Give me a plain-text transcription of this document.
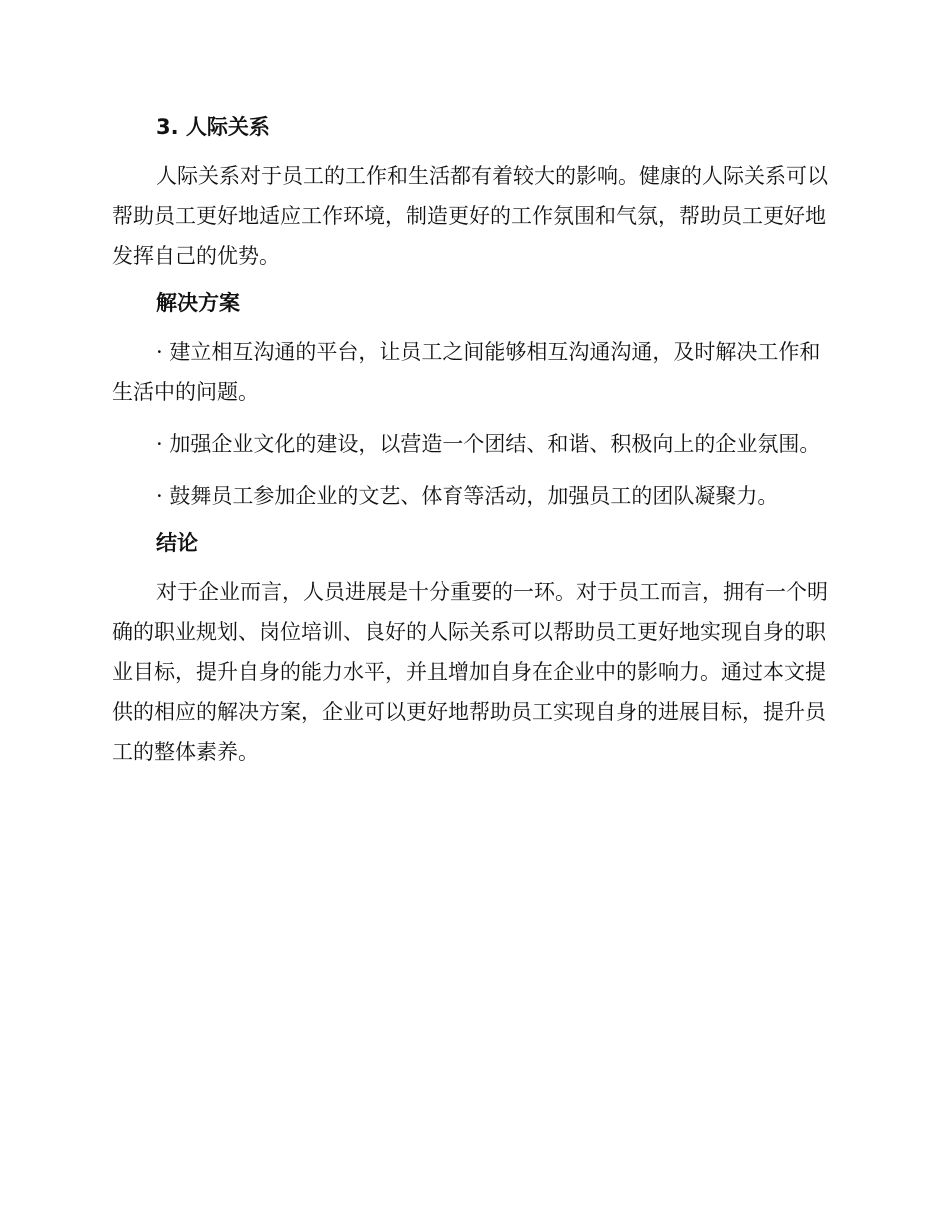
3. 人际关系

人际关系对于员工的工作和生活都有着较大的影响。健康的人际关系可以帮助员工更好地适应工作环境，制造更好的工作氛围和气氛，帮助员工更好地发挥自己的优势。

解决方案

· 建立相互沟通的平台，让员工之间能够相互沟通沟通，及时解决工作和生活中的问题。

· 加强企业文化的建设，以营造一个团结、和谐、积极向上的企业氛围。

· 鼓舞员工参加企业的文艺、体育等活动，加强员工的团队凝聚力。

结论

对于企业而言，人员进展是十分重要的一环。对于员工而言，拥有一个明确的职业规划、岗位培训、良好的人际关系可以帮助员工更好地实现自身的职业目标，提升自身的能力水平，并且增加自身在企业中的影响力。通过本文提供的相应的解决方案，企业可以更好地帮助员工实现自身的进展目标，提升员工的整体素养。
